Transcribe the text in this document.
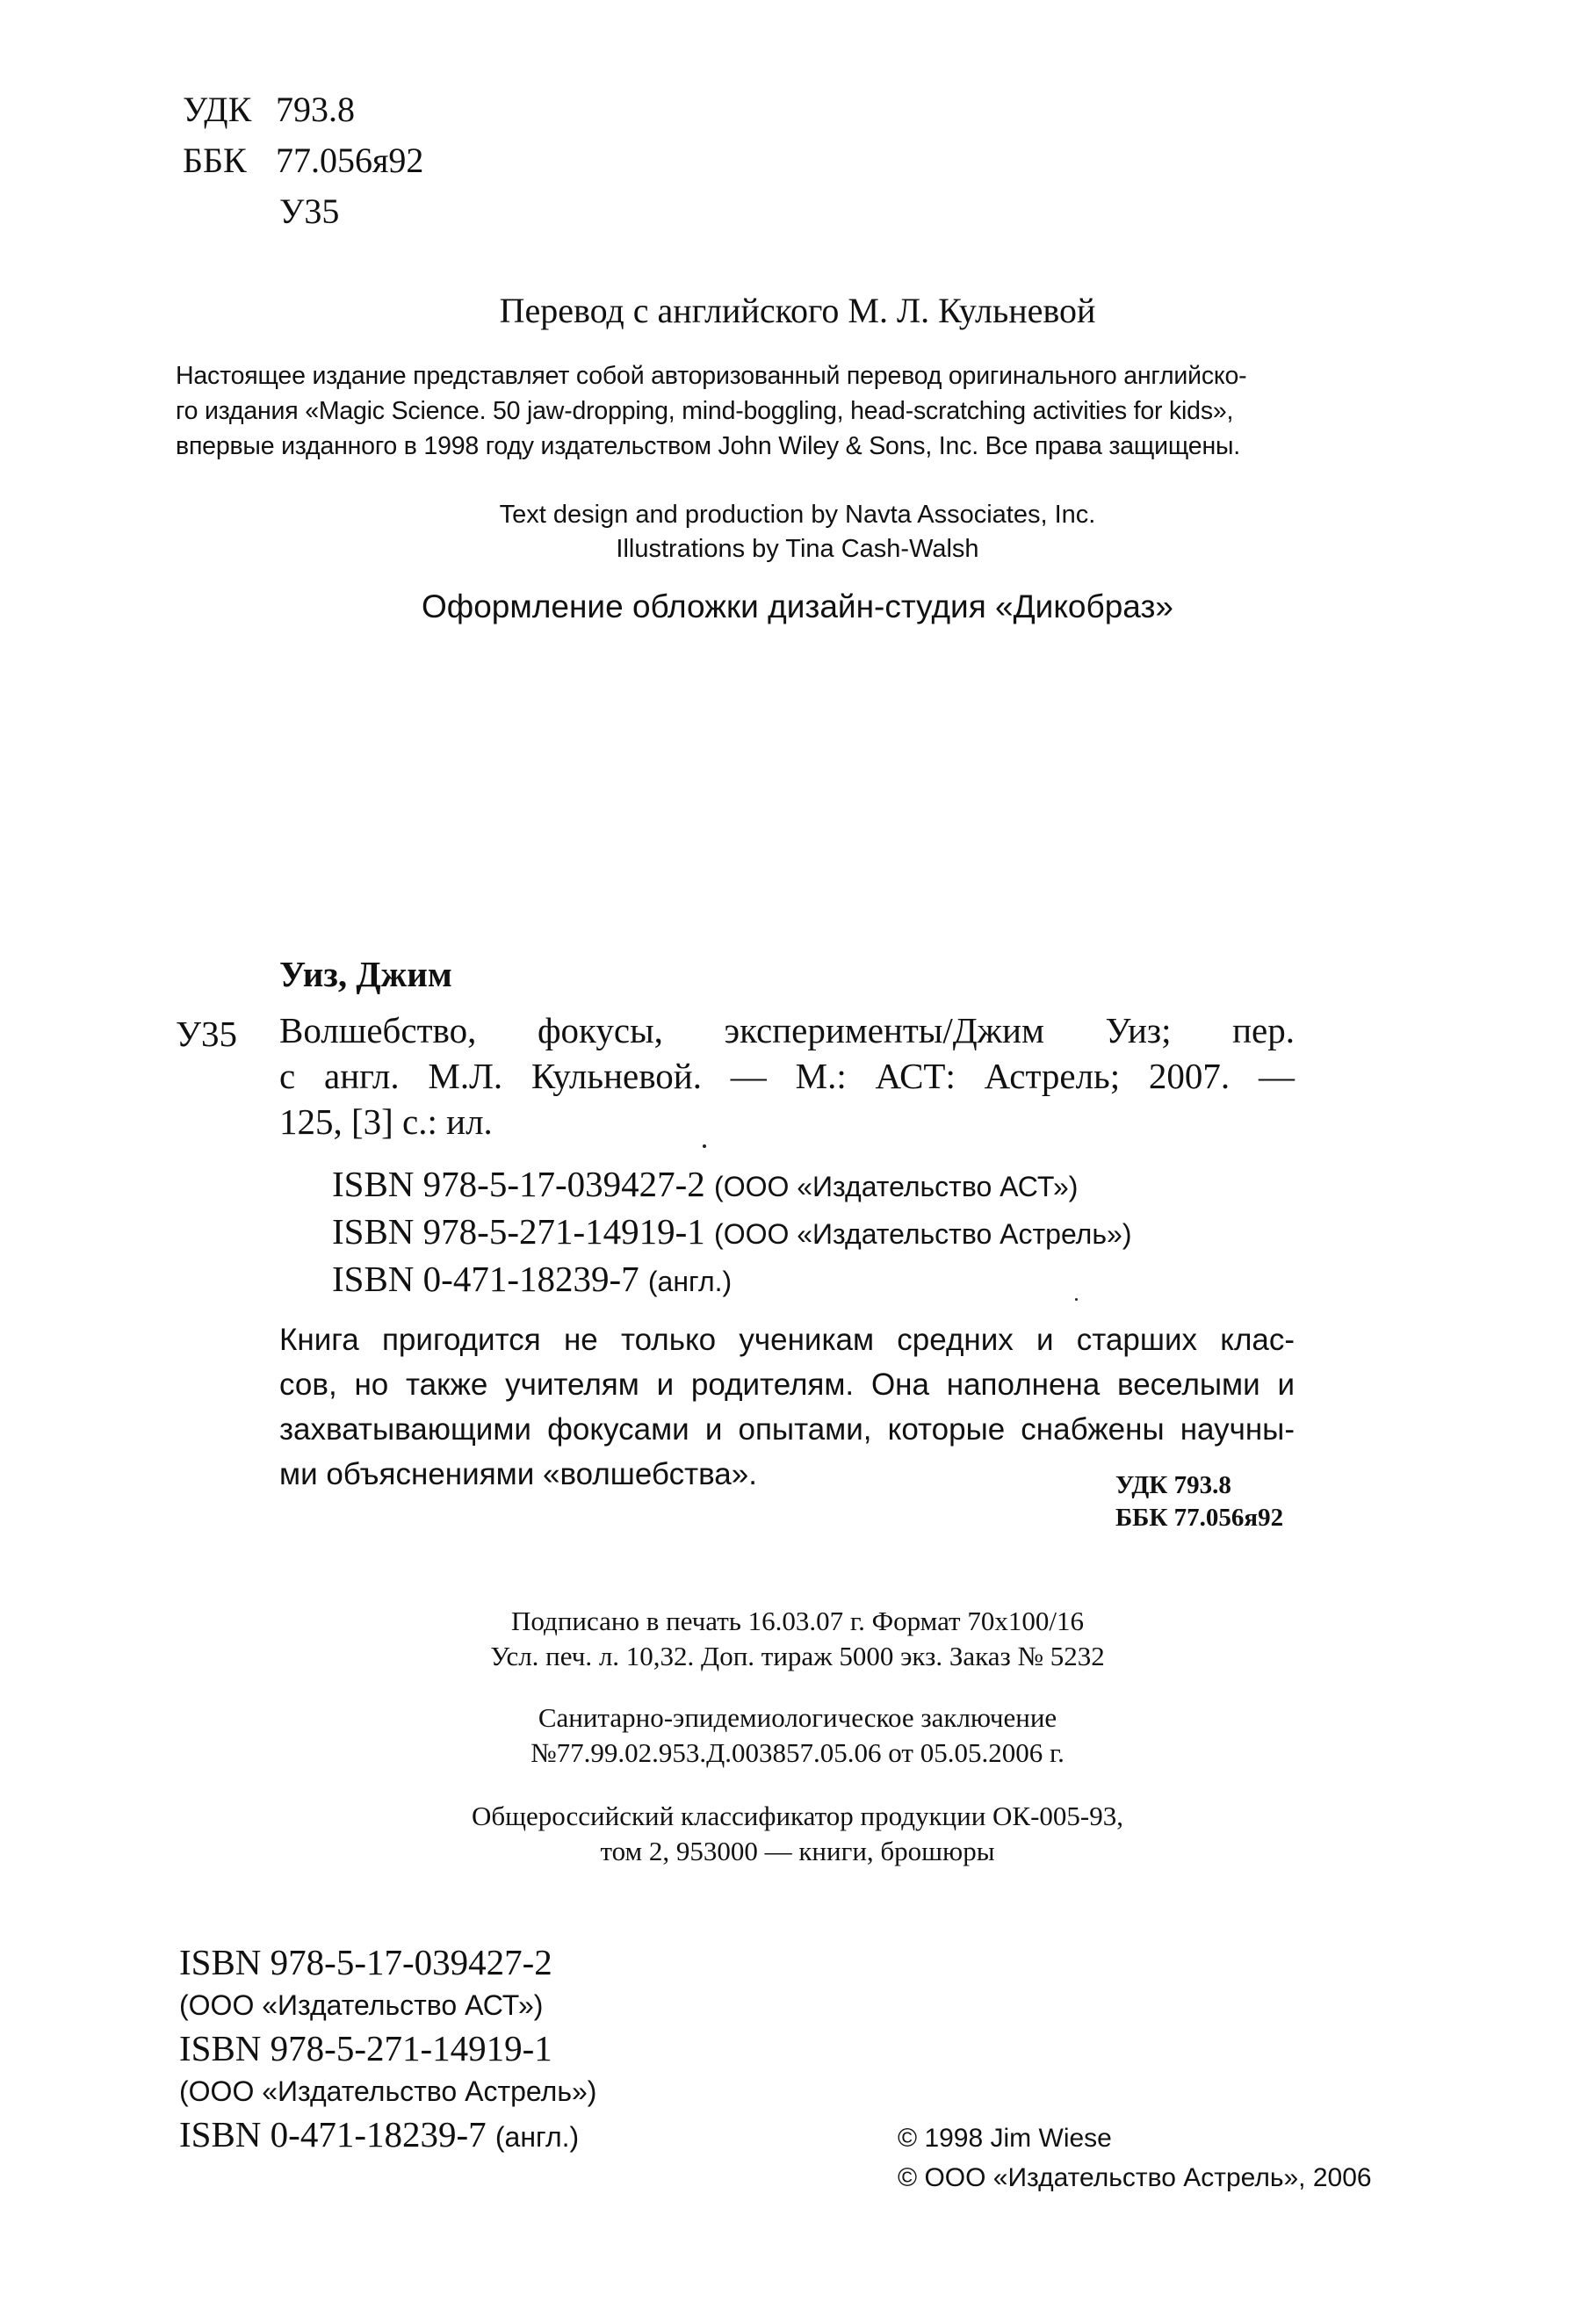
УДК 793.8
ББК 77.056я92
У35
Перевод с английского М. Л. Кульневой
Настоящее издание представляет собой авторизованный перевод оригинального английско-
го издания «Magic Science. 50 jaw-dropping, mind-boggling, head-scratching activities for kids»,
впервые изданного в 1998 году издательством John Wiley & Sons, Inc. Все права защищены.
Text design and production by Navta Associates, Inc.
Illustrations by Tina Cash-Walsh
Оформление обложки дизайн-студия «Дикобраз»
Уиз, Джим
У35 Волшебство, фокусы, эксперименты/Джим Уиз; пер.
с англ. М.Л. Кульневой. — М.: АСТ: Астрель; 2007. —
125, [3] с.: ил.
ISBN 978-5-17-039427-2 (ООО «Издательство АСТ»)
ISBN 978-5-271-14919-1 (ООО «Издательство Астрель»)
ISBN 0-471-18239-7 (англ.)
Книга пригодится не только ученикам средних и старших клас-
сов, но также учителям и родителям. Она наполнена веселыми и
захватывающими фокусами и опытами, которые снабжены научны-
ми объяснениями «волшебства».	УДК 793.8
ББК 77.056я92
Подписано в печать 16.03.07 г. Формат 70x100/16
Усл. печ. л. 10,32. Доп. тираж 5000 экз. Заказ № 5232
Санитарно-эпидемиологическое заключение
№77.99.02.953.Д.003857.05.06 от 05.05.2006 г.
Общероссийский классификатор продукции ОК-005-93,
том 2, 953000 — книги, брошюры
ISBN 978-5-17-039427-2
(ООО «Издательство АСТ»)
ISBN 978-5-271-14919-1
(ООО «Издательство Астрель»)
ISBN 0-471-18239-7 (англ.)	© 1998 Jim Wiese
© ООО «Издательство Астрель», 2006
